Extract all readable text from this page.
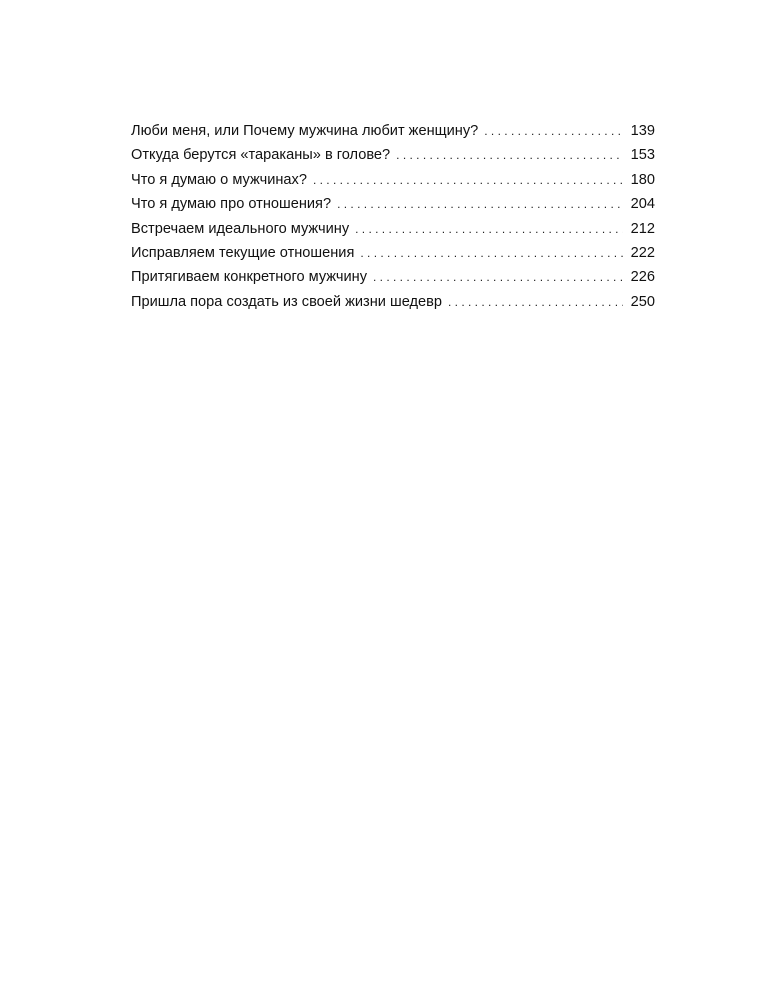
Люби меня, или Почему мужчина любит женщину? . . .	139
Откуда берутся «тараканы» в голове? . . .	153
Что я думаю о мужчинах? . . .	180
Что я думаю про отношения? . . .	204
Встречаем идеального мужчину . . .	212
Исправляем текущие отношения . . .	222
Притягиваем конкретного мужчину . . .	226
Пришла пора создать из своей жизни шедевр . . .	250
